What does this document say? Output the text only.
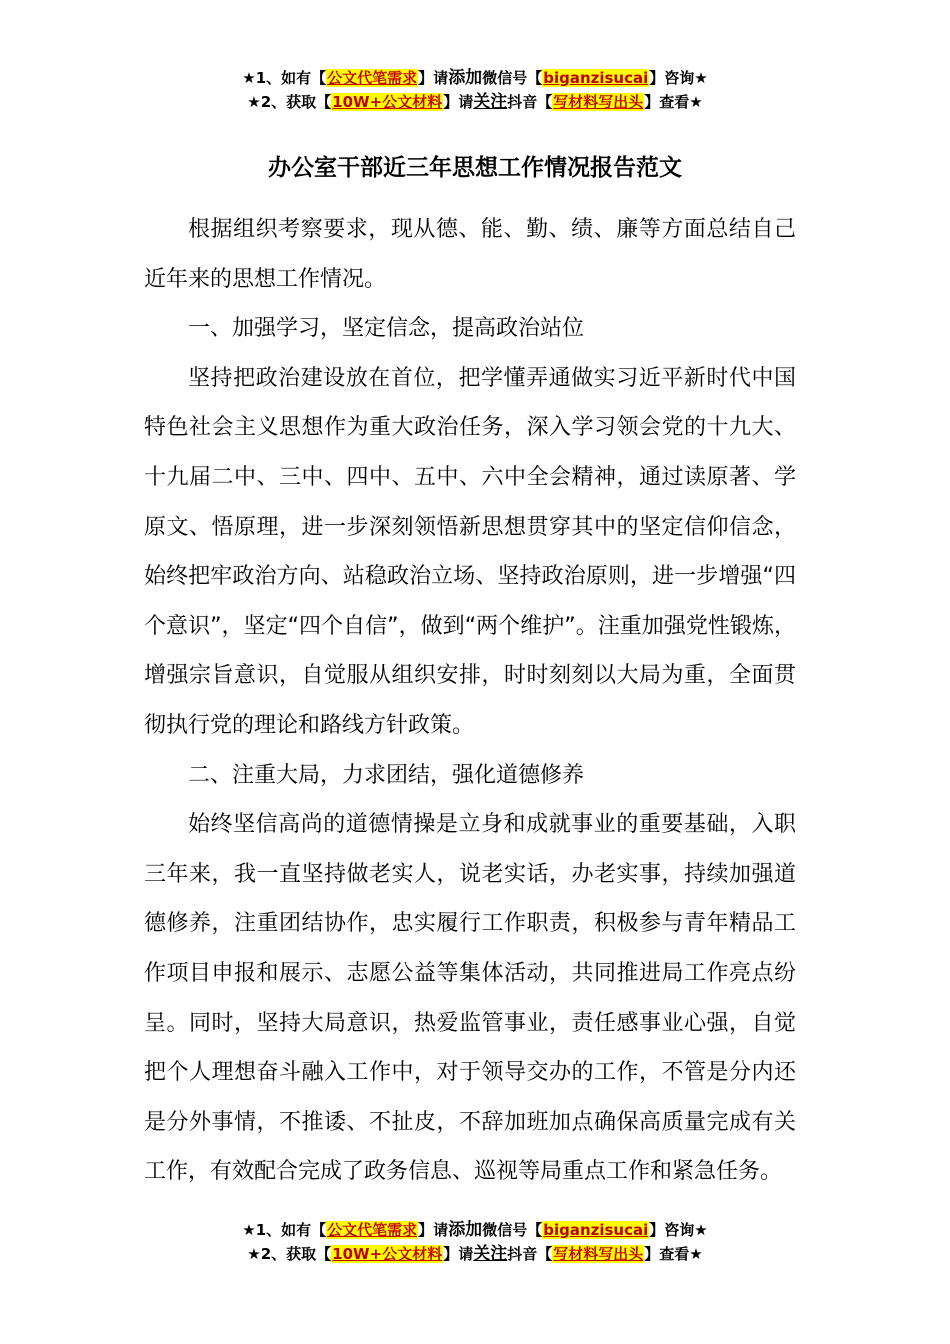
★1、如有【公文代笔需求】请添加微信号【biganzisucai】咨询★
★2、获取【10W+公文材料】请关注抖音【写材料写出头】查看★
办公室干部近三年思想工作情况报告范文

根据组织考察要求，现从德、能、勤、绩、廉等方面总结自己近年来的思想工作情况。

一、加强学习，坚定信念，提高政治站位

坚持把政治建设放在首位，把学懂弄通做实习近平新时代中国特色社会主义思想作为重大政治任务，深入学习领会党的十九大、十九届二中、三中、四中、五中、六中全会精神，通过读原著、学原文、悟原理，进一步深刻领悟新思想贯穿其中的坚定信仰信念，始终把牢政治方向、站稳政治立场、坚持政治原则，进一步增强“四个意识”，坚定“四个自信”，做到“两个维护”。注重加强党性锻炼，增强宗旨意识，自觉服从组织安排，时时刻刻以大局为重，全面贯彻执行党的理论和路线方针政策。

二、注重大局，力求团结，强化道德修养

始终坚信高尚的道德情操是立身和成就事业的重要基础，入职三年来，我一直坚持做老实人，说老实话，办老实事，持续加强道德修养，注重团结协作，忠实履行工作职责，积极参与青年精品工作项目申报和展示、志愿公益等集体活动，共同推进局工作亮点纷呈。同时，坚持大局意识，热爱监管事业，责任感事业心强，自觉把个人理想奋斗融入工作中，对于领导交办的工作，不管是分内还是分外事情，不推诿、不扯皮，不辞加班加点确保高质量完成有关工作，有效配合完成了政务信息、巡视等局重点工作和紧急任务。

★1、如有【公文代笔需求】请添加微信号【biganzisucai】咨询★
★2、获取【10W+公文材料】请关注抖音【写材料写出头】查看★
